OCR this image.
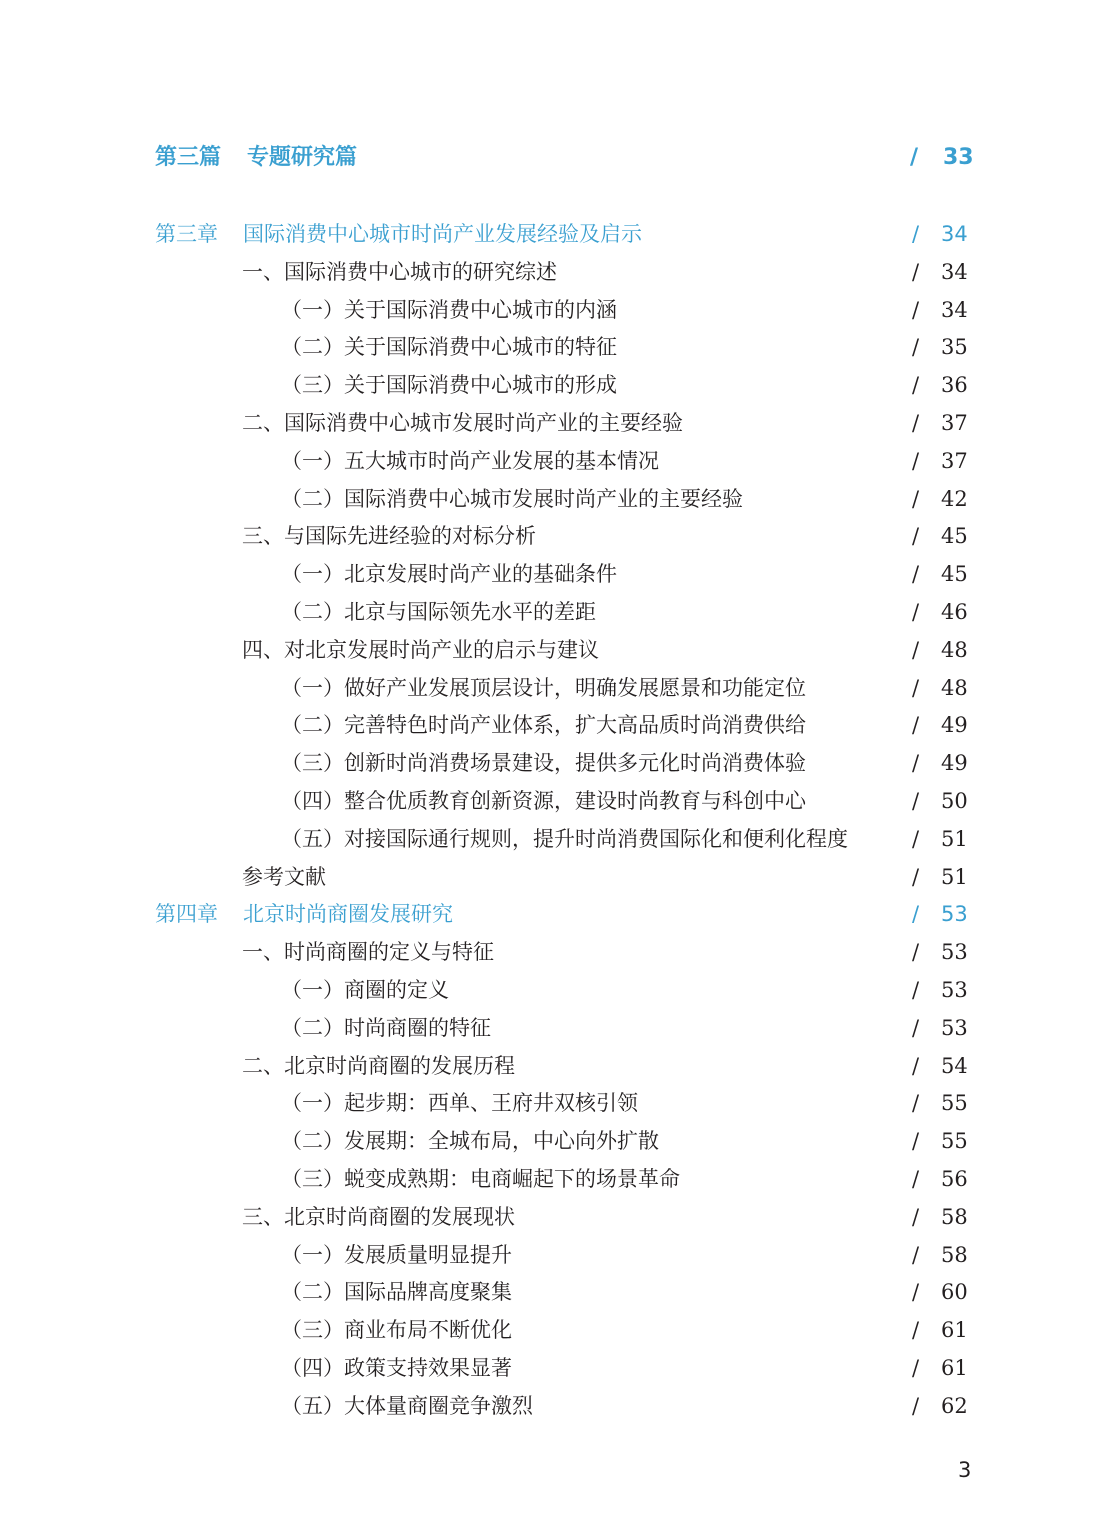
第三篇 专题研究篇	/ 33
第三章 国际消费中心城市时尚产业发展经验及启示	/ 34
一、国际消费中心城市的研究综述	/ 34
（一）关于国际消费中心城市的内涵	/ 34
（二）关于国际消费中心城市的特征	/ 35
（三）关于国际消费中心城市的形成	/ 36
二、国际消费中心城市发展时尚产业的主要经验	/ 37
（一）五大城市时尚产业发展的基本情况	/ 37
（二）国际消费中心城市发展时尚产业的主要经验	/ 42
三、与国际先进经验的对标分析	/ 45
（一）北京发展时尚产业的基础条件	/ 45
（二）北京与国际领先水平的差距	/ 46
四、对北京发展时尚产业的启示与建议	/ 48
（一）做好产业发展顶层设计，明确发展愿景和功能定位	/ 48
（二）完善特色时尚产业体系，扩大高品质时尚消费供给	/ 49
（三）创新时尚消费场景建设，提供多元化时尚消费体验	/ 49
（四）整合优质教育创新资源，建设时尚教育与科创中心	/ 50
（五）对接国际通行规则，提升时尚消费国际化和便利化程度	/ 51
参考文献	/ 51
第四章 北京时尚商圈发展研究	/ 53
一、时尚商圈的定义与特征	/ 53
（一）商圈的定义	/ 53
（二）时尚商圈的特征	/ 53
二、北京时尚商圈的发展历程	/ 54
（一）起步期：西单、王府井双核引领	/ 55
（二）发展期：全城布局，中心向外扩散	/ 55
（三）蜕变成熟期：电商崛起下的场景革命	/ 56
三、北京时尚商圈的发展现状	/ 58
（一）发展质量明显提升	/ 58
（二）国际品牌高度聚集	/ 60
（三）商业布局不断优化	/ 61
（四）政策支持效果显著	/ 61
（五）大体量商圈竞争激烈	/ 62
3
